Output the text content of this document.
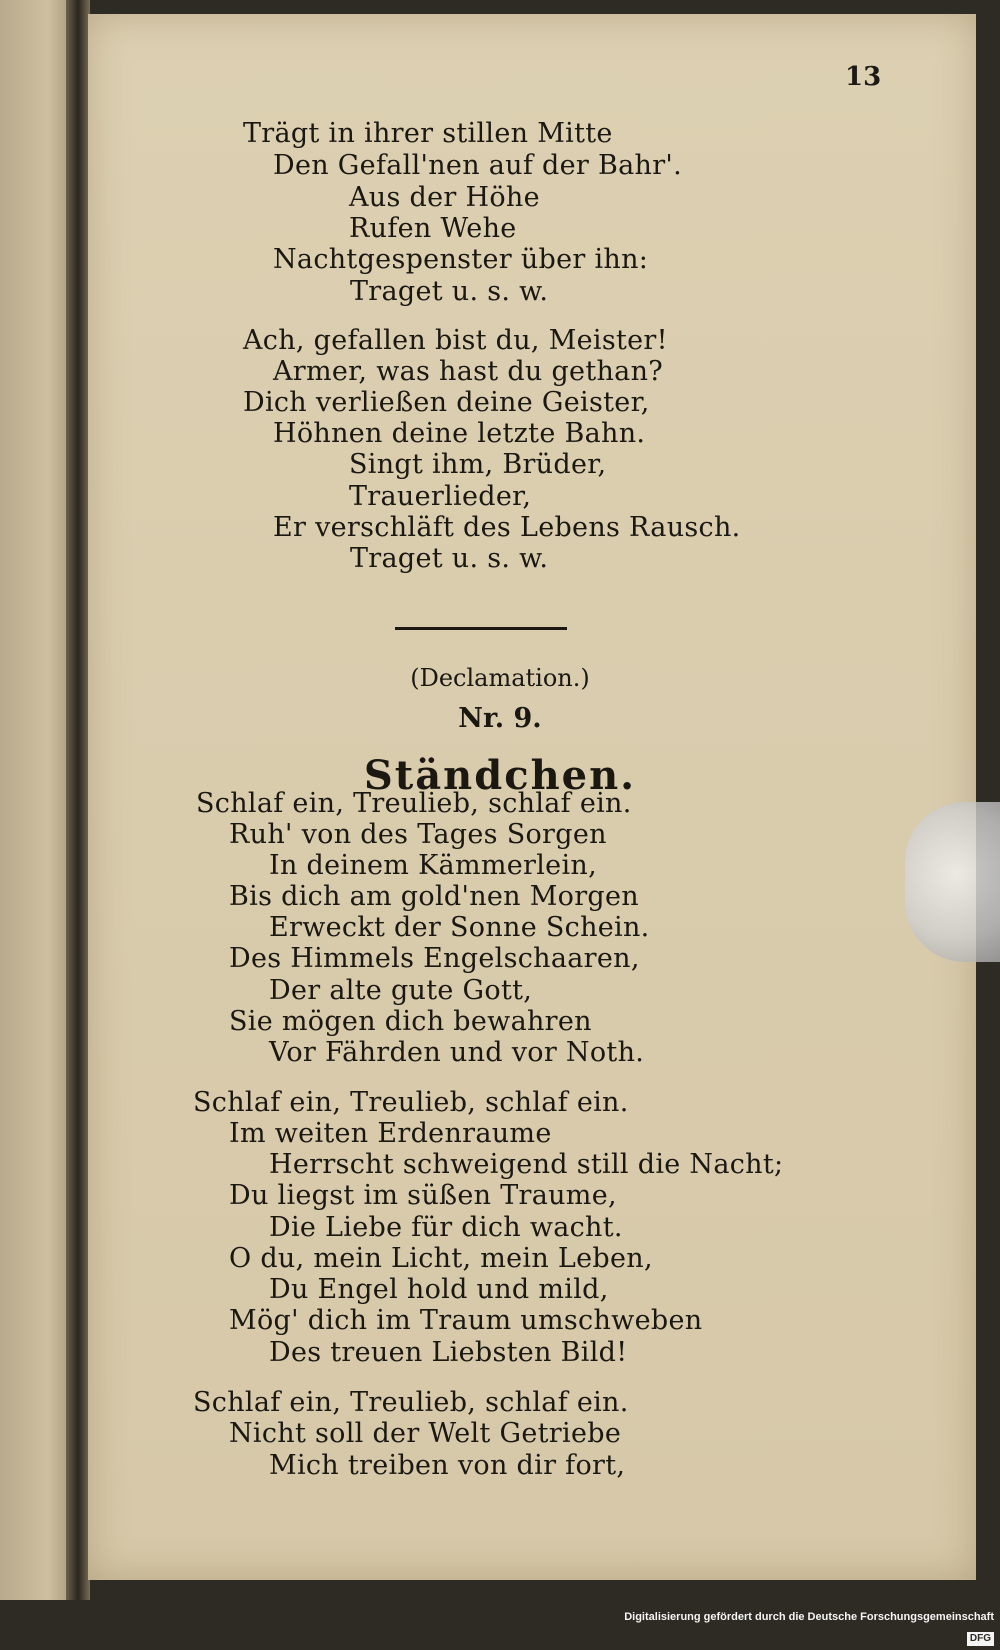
13
Trägt in ihrer stillen Mitte
Den Gefall'nen auf der Bahr'.
Aus der Höhe
Rufen Wehe
Nachtgespenster über ihn:
Traget u. s. w.
Ach, gefallen bist du, Meister!
Armer, was hast du gethan?
Dich verließen deine Geister,
Höhnen deine letzte Bahn.
Singt ihm, Brüder,
Trauerlieder,
Er verschläft des Lebens Rausch.
Traget u. s. w.
(Declamation.)
Nr. 9.
Ständchen.
Schlaf ein, Treulieb, schlaf ein.
Ruh' von des Tages Sorgen
In deinem Kämmerlein,
Bis dich am gold'nen Morgen
Erweckt der Sonne Schein.
Des Himmels Engelschaaren,
Der alte gute Gott,
Sie mögen dich bewahren
Vor Fährden und vor Noth.
Schlaf ein, Treulieb, schlaf ein.
Im weiten Erdenraume
Herrscht schweigend still die Nacht;
Du liegst im süßen Traume,
Die Liebe für dich wacht.
O du, mein Licht, mein Leben,
Du Engel hold und mild,
Mög' dich im Traum umschweben
Des treuen Liebsten Bild!
Schlaf ein, Treulieb, schlaf ein.
Nicht soll der Welt Getriebe
Mich treiben von dir fort,
Digitalisierung gefördert durch die Deutsche Forschungsgemeinschaft DFG
